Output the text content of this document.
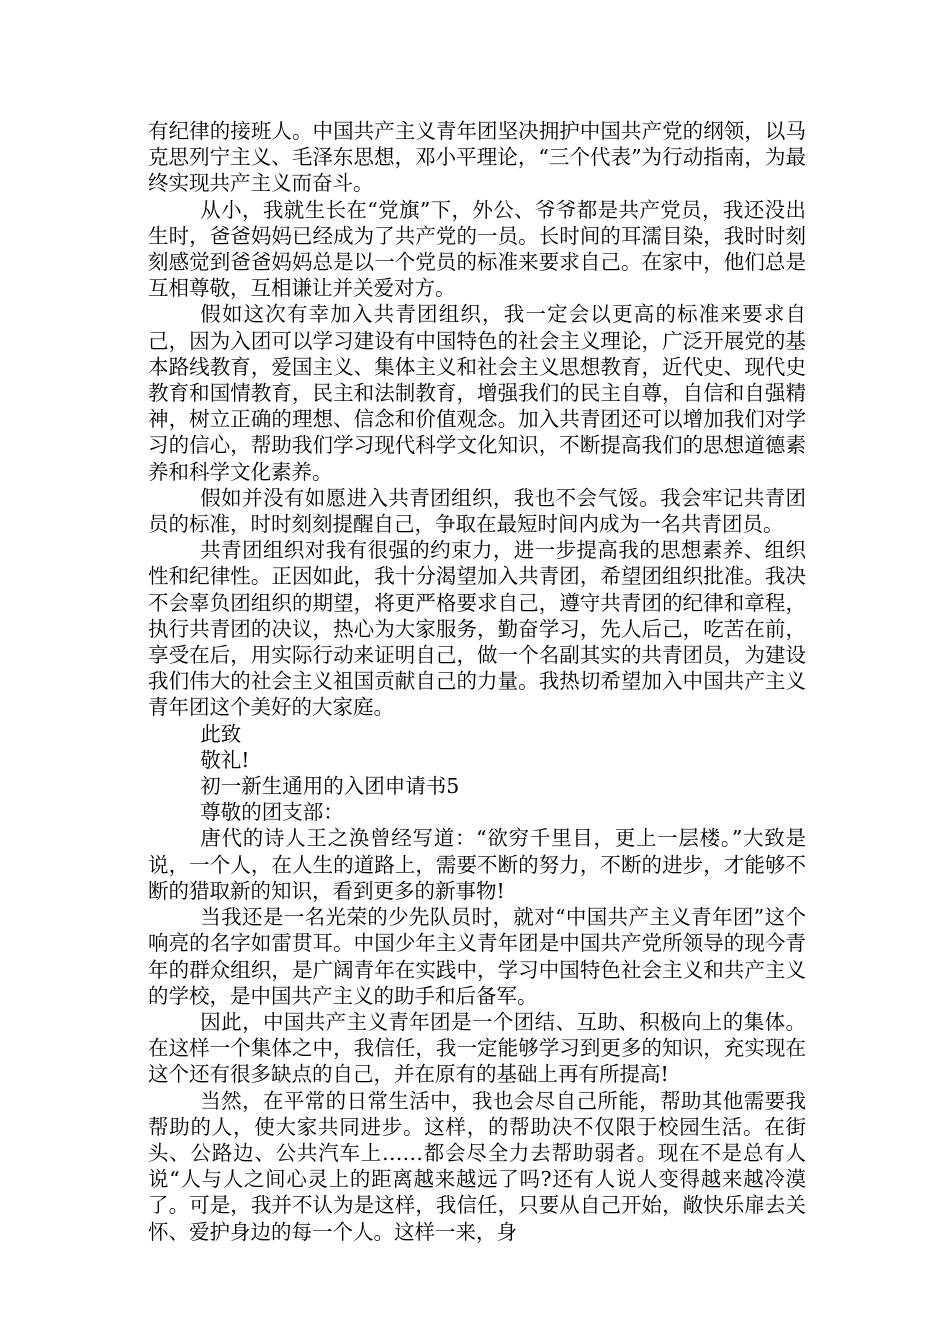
有纪律的接班人。中国共产主义青年团坚决拥护中国共产党的纲领，以马克思列宁主义、毛泽东思想，邓小平理论，“三个代表”为行动指南，为最终实现共产主义而奋斗。

从小，我就生长在“党旗”下，外公、爷爷都是共产党员，我还没出生时，爸爸妈妈已经成为了共产党的一员。长时间的耳濡目染，我时时刻刻感觉到爸爸妈妈总是以一个党员的标准来要求自己。在家中，他们总是互相尊敬，互相谦让并关爱对方。

假如这次有幸加入共青团组织，我一定会以更高的标准来要求自己，因为入团可以学习建设有中国特色的社会主义理论，广泛开展党的基本路线教育，爱国主义、集体主义和社会主义思想教育，近代史、现代史教育和国情教育，民主和法制教育，增强我们的民主自尊，自信和自强精神，树立正确的理想、信念和价值观念。加入共青团还可以增加我们对学习的信心，帮助我们学习现代科学文化知识，不断提高我们的思想道德素养和科学文化素养。

假如并没有如愿进入共青团组织，我也不会气馁。我会牢记共青团员的标准，时时刻刻提醒自己，争取在最短时间内成为一名共青团员。

共青团组织对我有很强的约束力，进一步提高我的思想素养、组织性和纪律性。正因如此，我十分渴望加入共青团，希望团组织批准。我决不会辜负团组织的期望，将更严格要求自己，遵守共青团的纪律和章程，执行共青团的决议，热心为大家服务，勤奋学习，先人后己，吃苦在前，享受在后，用实际行动来证明自己，做一个名副其实的共青团员，为建设我们伟大的社会主义祖国贡献自己的力量。我热切希望加入中国共产主义青年团这个美好的大家庭。

此致

敬礼!

初一新生通用的入团申请书5

尊敬的团支部：

唐代的诗人王之涣曾经写道：“欲穷千里目，更上一层楼。”大致是说，一个人，在人生的道路上，需要不断的努力，不断的进步，才能够不断的猎取新的知识，看到更多的新事物!

当我还是一名光荣的少先队员时，就对“中国共产主义青年团”这个响亮的名字如雷贯耳。中国少年主义青年团是中国共产党所领导的现今青年的群众组织，是广阔青年在实践中，学习中国特色社会主义和共产主义的学校，是中国共产主义的助手和后备军。

因此，中国共产主义青年团是一个团结、互助、积极向上的集体。在这样一个集体之中，我信任，我一定能够学习到更多的知识，充实现在这个还有很多缺点的自己，并在原有的基础上再有所提高!

当然，在平常的日常生活中，我也会尽自己所能，帮助其他需要我帮助的人，使大家共同进步。这样，的帮助决不仅限于校园生活。在街头、公路边、公共汽车上……都会尽全力去帮助弱者。现在不是总有人说“人与人之间心灵上的距离越来越远了吗?还有人说人变得越来越冷漠了。可是，我并不认为是这样，我信任，只要从自己开始，敞快乐扉去关怀、爱护身边的每一个人。这样一来，身
